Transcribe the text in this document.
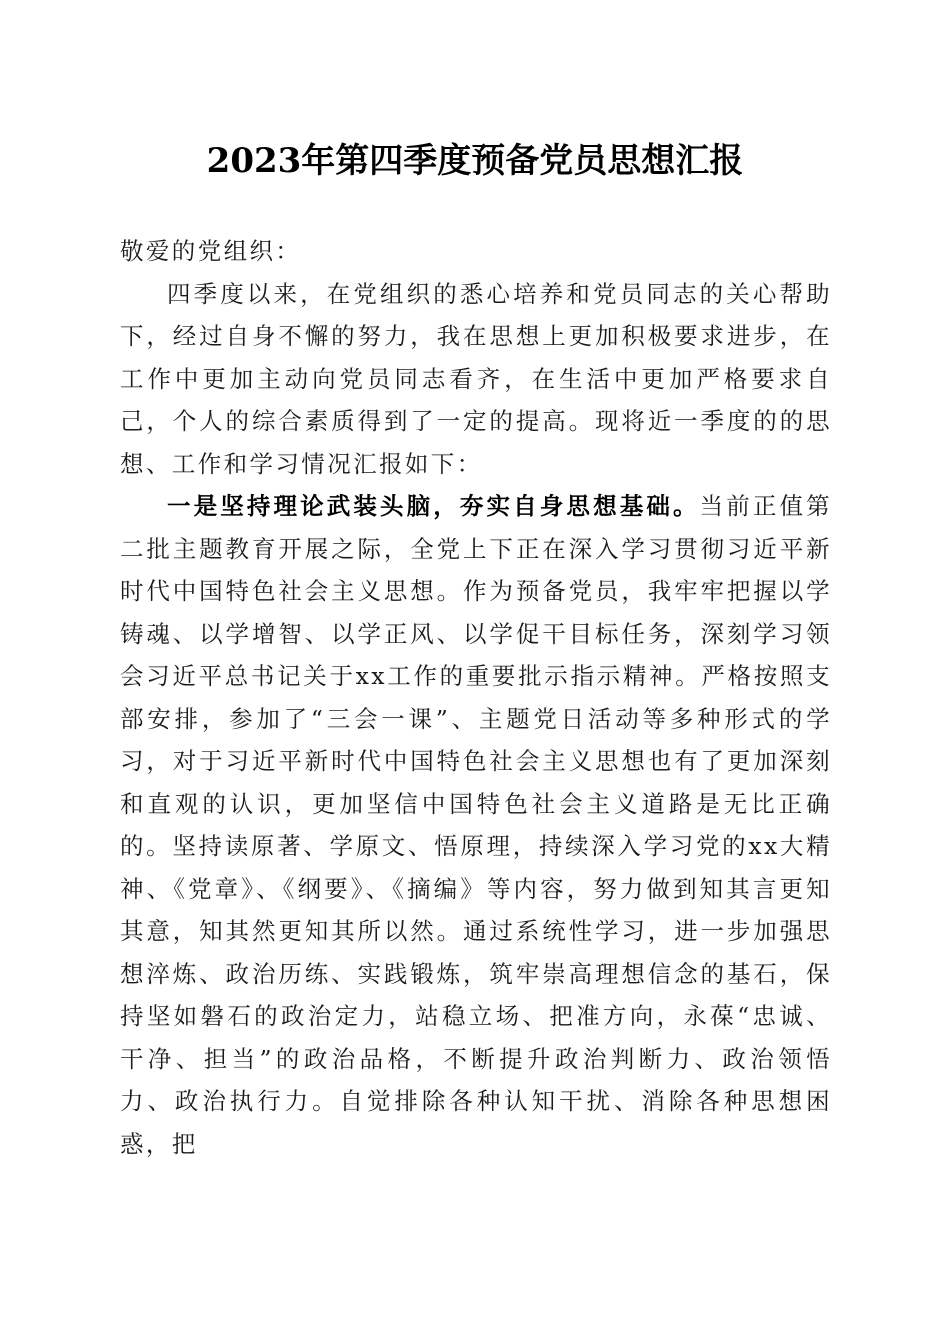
2023年第四季度预备党员思想汇报

敬爱的党组织：

四季度以来，在党组织的悉心培养和党员同志的关心帮助下，经过自身不懈的努力，我在思想上更加积极要求进步，在工作中更加主动向党员同志看齐，在生活中更加严格要求自己，个人的综合素质得到了一定的提高。现将近一季度的的思想、工作和学习情况汇报如下：

一是坚持理论武装头脑，夯实自身思想基础。当前正值第二批主题教育开展之际，全党上下正在深入学习贯彻习近平新时代中国特色社会主义思想。作为预备党员，我牢牢把握以学铸魂、以学增智、以学正风、以学促干目标任务，深刻学习领会习近平总书记关于xx工作的重要批示指示精神。严格按照支部安排，参加了“三会一课”、主题党日活动等多种形式的学习，对于习近平新时代中国特色社会主义思想也有了更加深刻和直观的认识，更加坚信中国特色社会主义道路是无比正确的。坚持读原著、学原文、悟原理，持续深入学习党的xx大精神、《党章》、《纲要》、《摘编》等内容，努力做到知其言更知其意，知其然更知其所以然。通过系统性学习，进一步加强思想淬炼、政治历练、实践锻炼，筑牢崇高理想信念的基石，保持坚如磐石的政治定力，站稳立场、把准方向，永葆“忠诚、干净、担当”的政治品格，不断提升政治判断力、政治领悟力、政治执行力。自觉排除各种认知干扰、消除各种思想困惑，把
